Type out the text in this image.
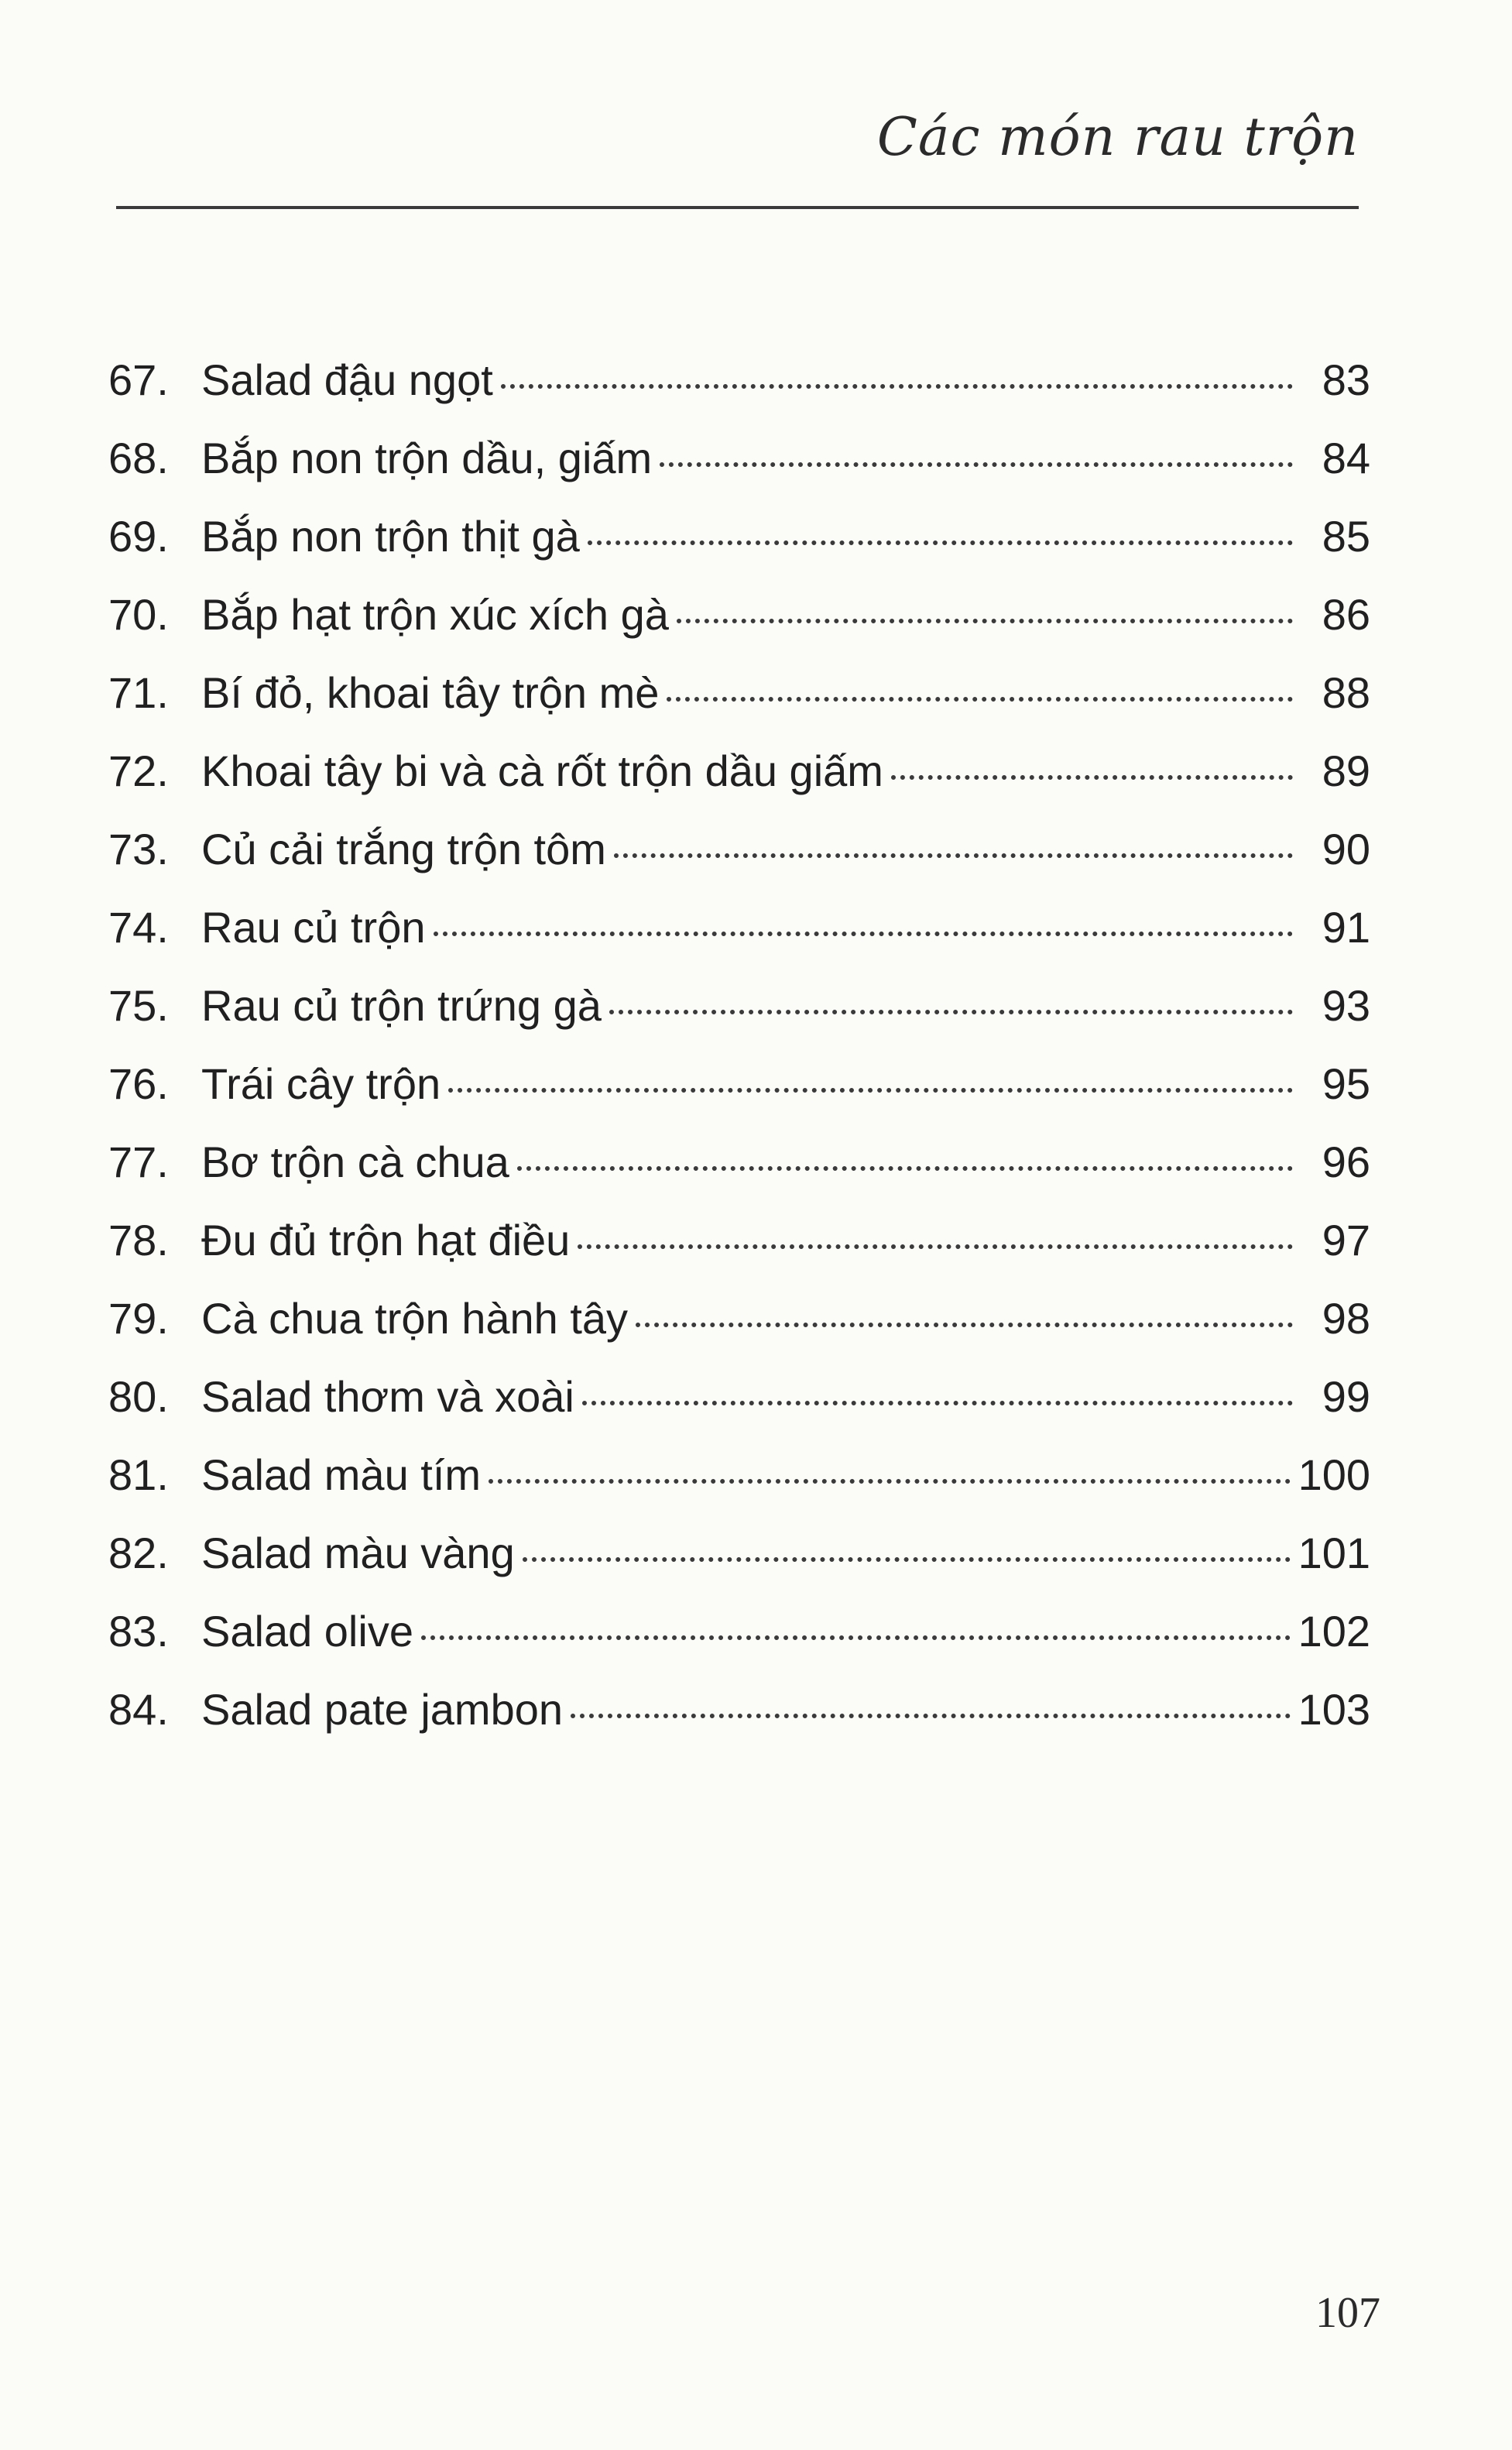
Các món rau trộn
67. Salad đậu ngọt	83
68. Bắp non trộn dầu, giấm	84
69. Bắp non trộn thịt gà	85
70. Bắp hạt trộn xúc xích gà	86
71. Bí đỏ, khoai tây trộn mè	88
72. Khoai tây bi và cà rốt trộn dầu giấm	89
73. Củ cải trắng trộn tôm	90
74. Rau củ trộn	91
75. Rau củ trộn trứng gà	93
76. Trái cây trộn	95
77. Bơ trộn cà chua	96
78. Đu đủ trộn hạt điều	97
79. Cà chua trộn hành tây	98
80. Salad thơm và xoài	99
81. Salad màu tím	100
82. Salad màu vàng	101
83. Salad olive	102
84. Salad pate jambon	103
107
